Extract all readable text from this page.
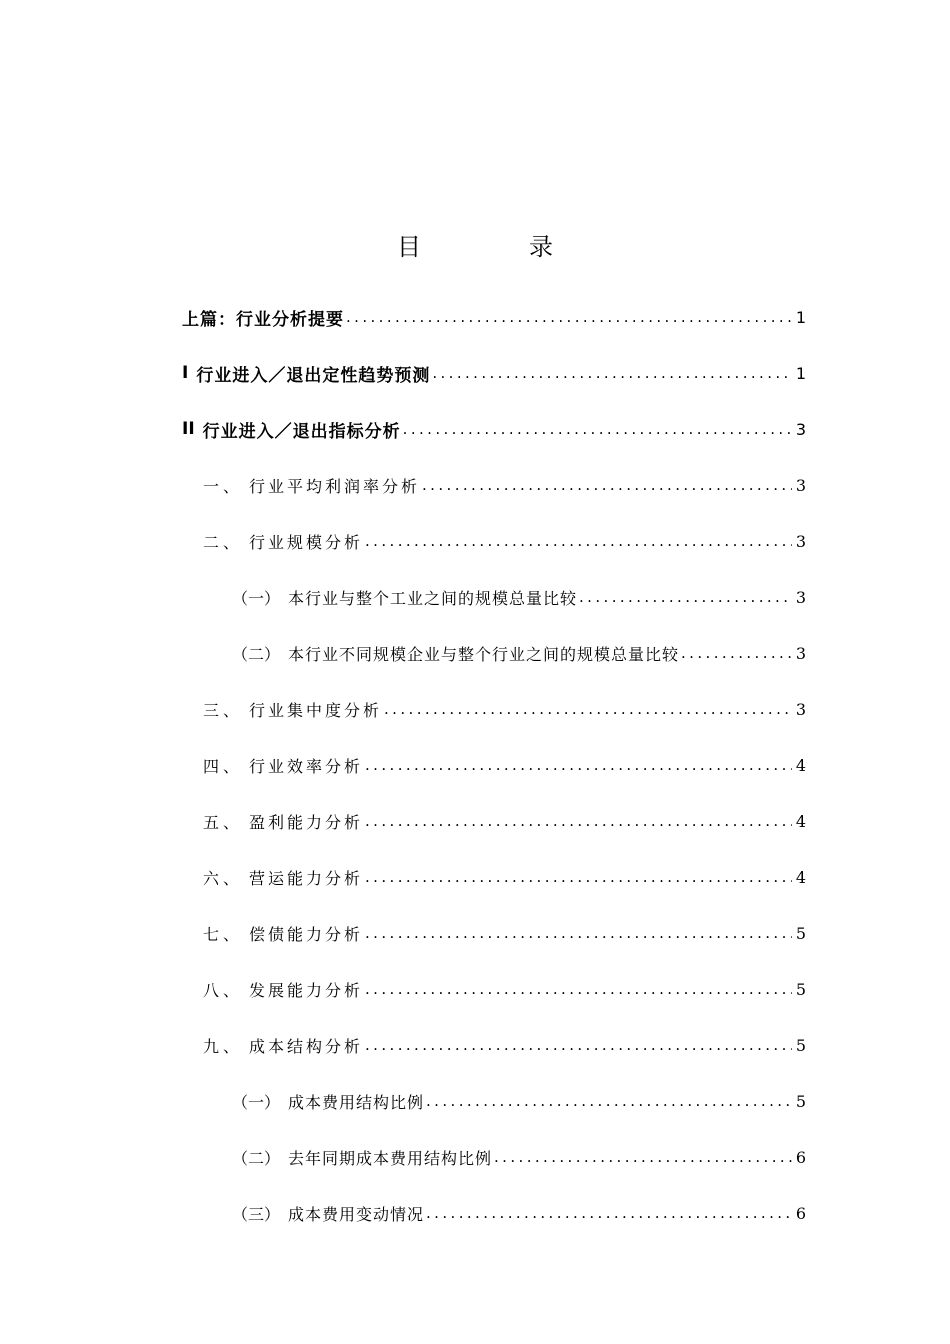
目　录
上篇：行业分析提要 .....	1
I 行业进入／退出定性趋势预测 .....	1
II 行业进入／退出指标分析 .....	3
一、 行业平均利润率分析 .....	3
二、 行业规模分析 .....	3
（一） 本行业与整个工业之间的规模总量比较 .....	3
（二） 本行业不同规模企业与整个行业之间的规模总量比较 .....	3
三、 行业集中度分析 .....	3
四、 行业效率分析 .....	4
五、 盈利能力分析 .....	4
六、 营运能力分析 .....	4
七、 偿债能力分析 .....	5
八、 发展能力分析 .....	5
九、 成本结构分析 .....	5
（一） 成本费用结构比例 .....	5
（二） 去年同期成本费用结构比例 .....	6
（三） 成本费用变动情况 .....	6
